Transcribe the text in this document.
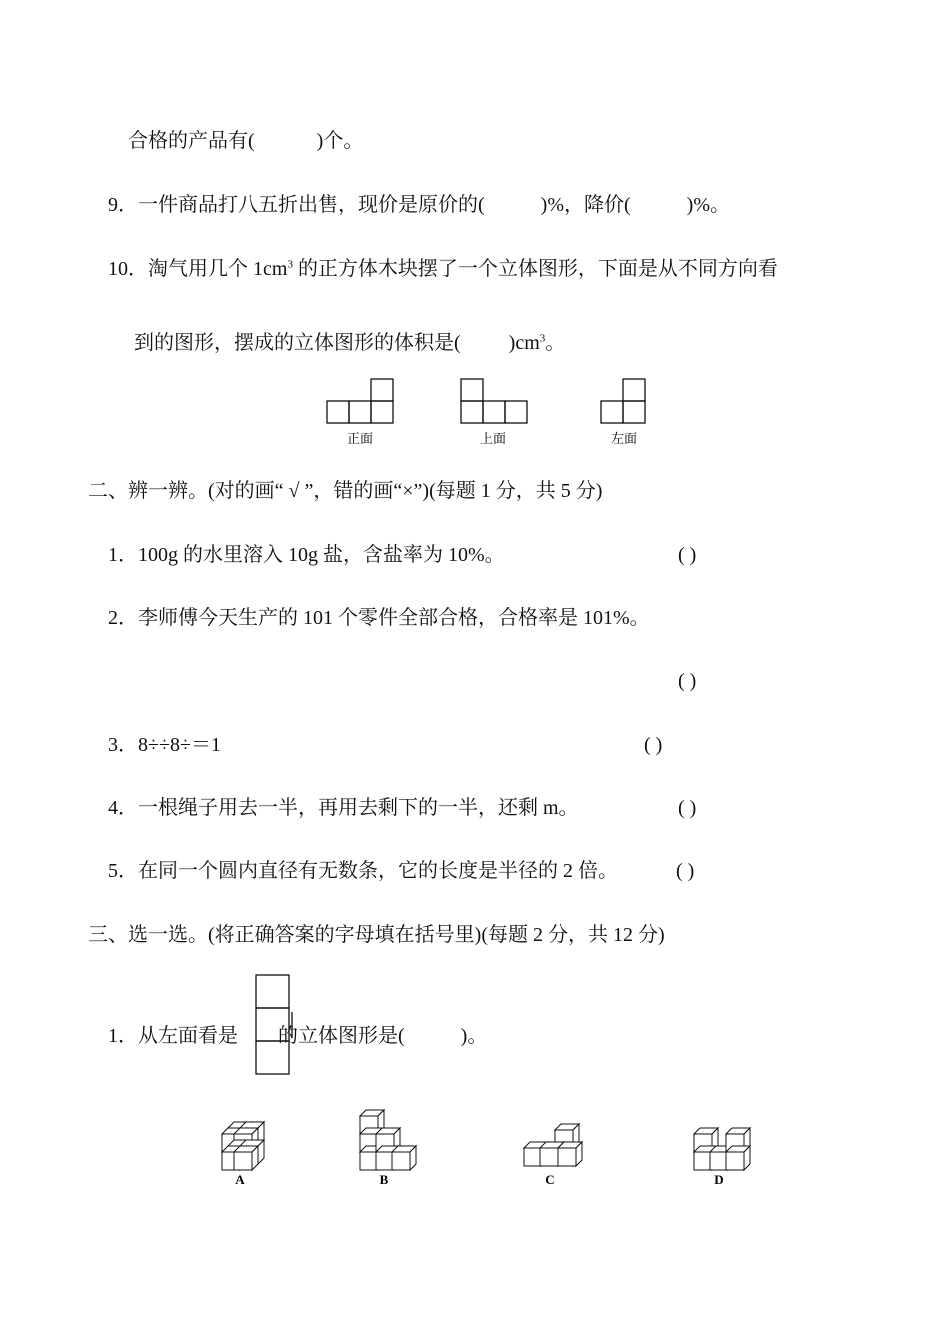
合格的产品有(	)个。
9．一件商品打八五折出售，现价是原价的(	)%，降价(	)%。
10．淘气用几个 $1cm^3$ 的正方体木块摆了一个立体图形，下面是从不同方向看
到的图形，摆成的立体图形的体积是( )$cm^3$。
正面	上面	左面
二、辨一辨。(对的画“ √ ”，错的画“×”)(每题 1 分，共 5 分)
1．100g 的水里溶入 10g 盐，含盐率为 10%。	( )
2．李师傅今天生产的 101 个零件全部合格，合格率是 101%。
( )
3．8÷÷8÷＝1	( )
4．一根绳子用去一半，再用去剩下的一半，还剩 m。	( )
5．在同一个圆内直径有无数条，它的长度是半径的 2 倍。	( )
三、选一选。(将正确答案的字母填在括号里)(每题 2 分，共 12 分)
1．从左面看是 的立体图形是(	)。
A	B	C	D
